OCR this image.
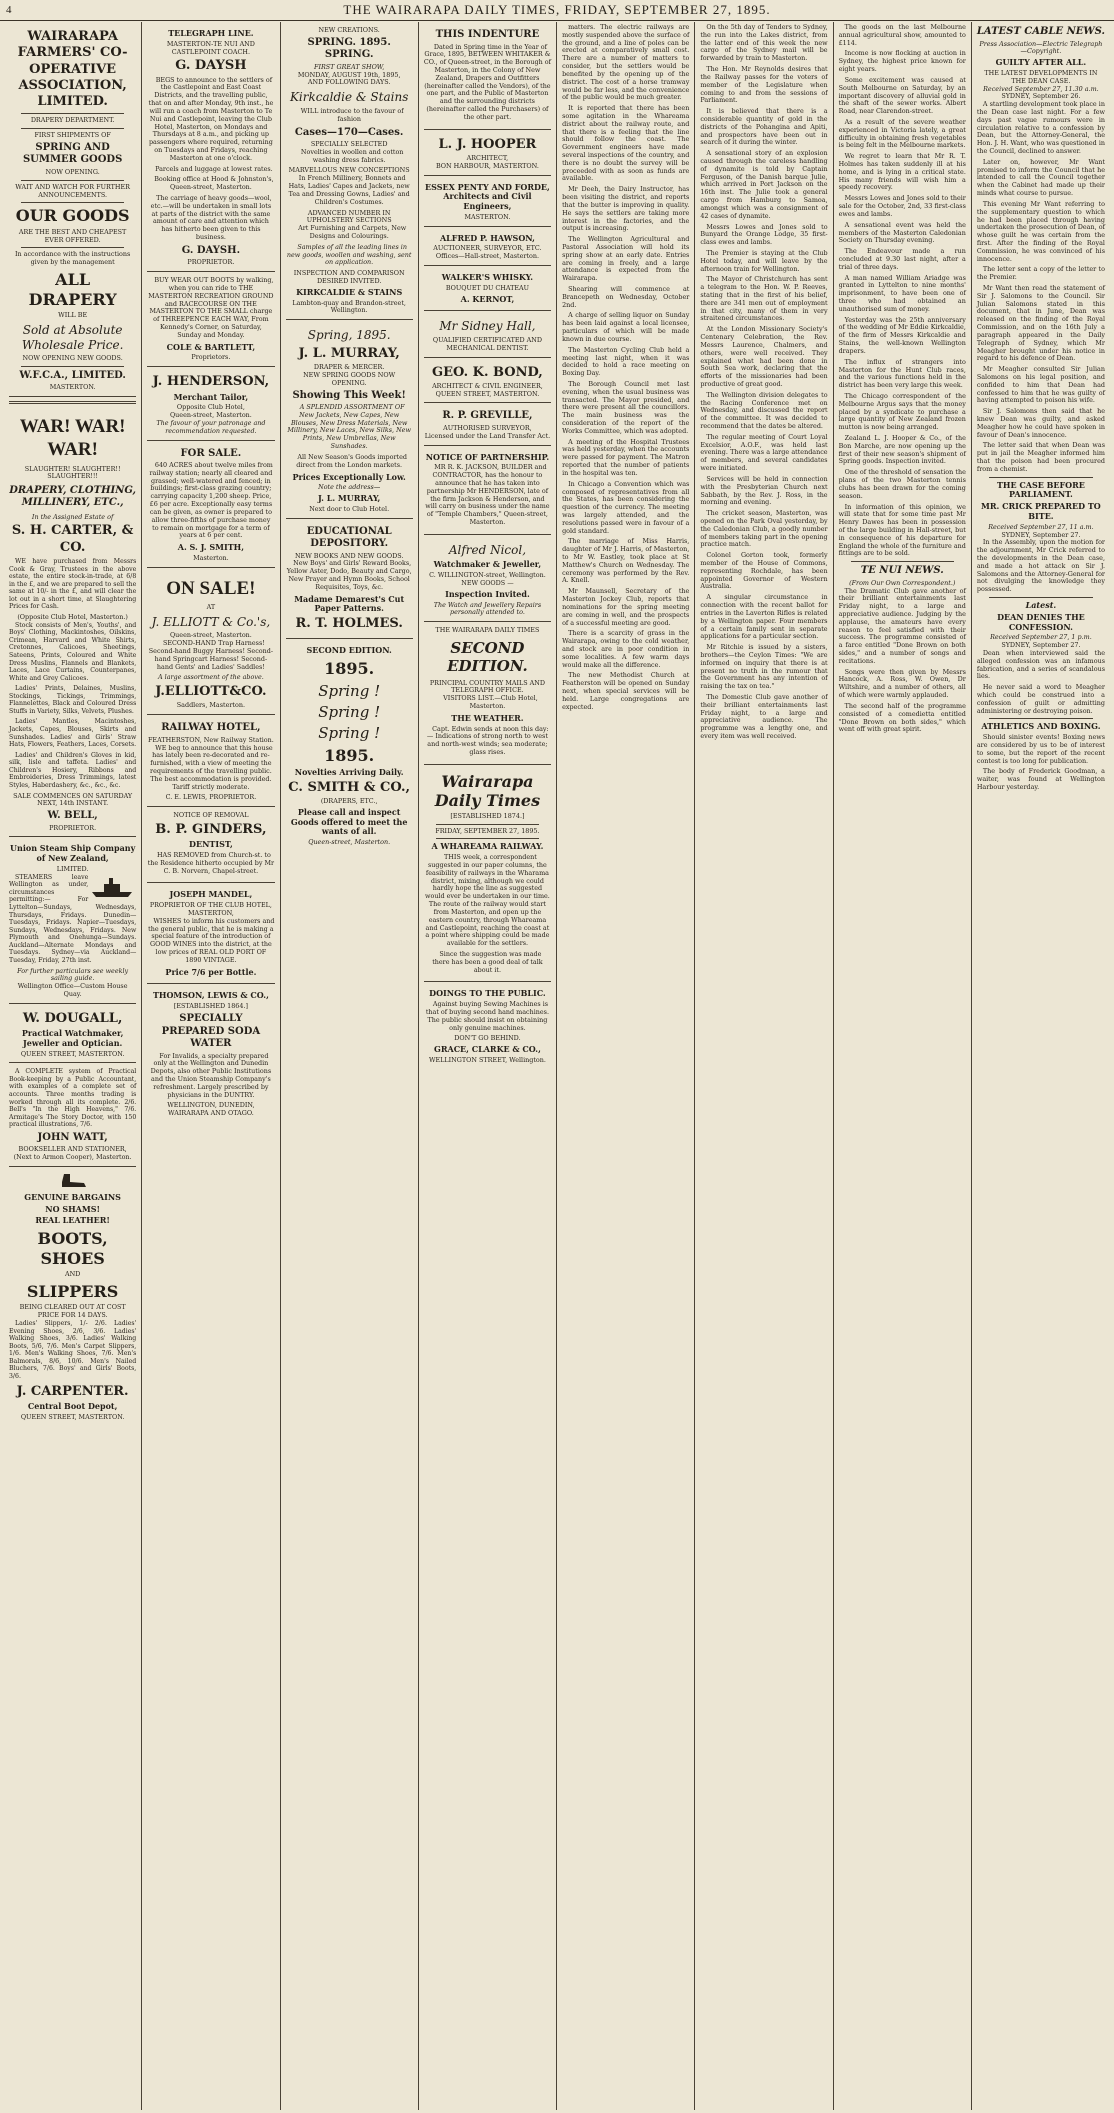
4	THE WAIRARAPA DAILY TIMES, FRIDAY, SEPTEMBER 27, 1895.
WAIRARAPA FARMERS' CO-OPERATIVE ASSOCIATION, LIMITED.
DRAPERY DEPARTMENT.
FIRST SHIPMENTS OF
SPRING AND SUMMER GOODS
NOW OPENING.
WAIT AND WATCH FOR FURTHER ANNOUNCEMENTS.
OUR GOODS
ARE THE BEST AND CHEAPEST EVER OFFERED.
In accordance with the instructions given by the management
ALL DRAPERY
WILL BE
Sold at Absolute Wholesale Price.
NOW OPENING NEW GOODS.
W.F.C.A., LIMITED.
MASTERTON.
WAR! WAR! WAR!
SLAUGHTER! SLAUGHTER!! SLAUGHTER!!!
DRAPERY, CLOTHING, MILLINERY, ETC.,
In the Assigned Estate of
S. H. CARTER, & CO.

WE have purchased from Messrs Cook & Gray, Trustees in the above estate, the entire stock-in-trade, at 6/8 in the £, and we are prepared to sell the same at 10/- in the £, and will clear the lot out in a short time, at Slaughtering Prices for Cash.

(Opposite Club Hotel, Masterton.)

Stock consists of Men's, Youths', and Boys' Clothing, Mackintoshes, Oilskins, Crimean, Harvard and White Shirts, Cretonnes, Calicoes, Sheetings, Sateens, Prints, Coloured and White Dress Muslins, Flannels and Blankets, Laces, Lace Curtains, Counterpanes, White and Grey Calicoes.

Ladies' Prints, Delaines, Muslins, Stockings, Tickings, Trimmings, Flannelettes, Black and Coloured Dress Stuffs in Variety, Silks, Velvets, Plushes.

Ladies' Mantles, Macintoshes, Jackets, Capes, Blouses, Skirts and Sunshades. Ladies' and Girls' Straw Hats, Flowers, Feathers, Laces, Corsets.

Ladies' and Children's Gloves in kid, silk, lisle and taffeta. Ladies' and Children's Hosiery, Ribbons and Embroideries, Dress Trimmings, latest Styles, Haberdashery, &c., &c., &c.

SALE COMMENCES ON SATURDAY NEXT, 14th INSTANT.
W. BELL,
PROPRIETOR.
Union Steam Ship Company of New Zealand,
LIMITED.

STEAMERS leave Wellington as under, circumstances permitting:— For Lyttelton—Sundays, Wednesdays, Thursdays, Fridays. Dunedin—Tuesdays, Fridays. Napier—Tuesdays, Sundays, Wednesdays, Fridays. New Plymouth and Onehunga—Sundays. Auckland—Alternate Mondays and Tuesdays. Sydney—via Auckland—Tuesday, Friday, 27th inst.

For further particulars see weekly sailing guide.
Wellington Office—Custom House Quay.
W. DOUGALL,
Practical Watchmaker, Jeweller and Optician.
QUEEN STREET, MASTERTON.

A COMPLETE system of Practical Book-keeping by a Public Accountant, with examples of a complete set of accounts. Three months trading is worked through all its complete. 2/6. Bell's "In the High Heavens," 7/6. Armitage's The Story Doctor, with 150 practical illustrations, 7/6.

JOHN WATT,
BOOKSELLER AND STATIONER,
(Next to Armon Cooper), Masterton.
GENUINE BARGAINS
NO SHAMS!
REAL LEATHER!
BOOTS, SHOES
AND
SLIPPERS
BEING CLEARED OUT AT COST PRICE FOR 14 DAYS.

Ladies' Slippers, 1/- 2/6. Ladies' Evening Shoes, 2/6, 3/6. Ladies' Walking Shoes, 3/6. Ladies' Walking Boots, 5/6, 7/6. Men's Carpet Slippers, 1/6. Men's Walking Shoes, 7/6. Men's Balmorals, 8/6, 10/6. Men's Nailed Bluchers, 7/6. Boys' and Girls' Boots, 3/6.

J. CARPENTER.
Central Boot Depot,
QUEEN STREET, MASTERTON.
TELEGRAPH LINE.
MASTERTON-TE NUI AND CASTLEPOINT COACH.
G. DAYSH

BEGS to announce to the settlers of the Castlepoint and East Coast Districts, and the travelling public, that on and after Monday, 9th inst., he will run a coach from Masterton to Te Nui and Castlepoint, leaving the Club Hotel, Masterton, on Mondays and Thursdays at 8 a.m., and picking up passengers where required, returning on Tuesdays and Fridays, reaching Masterton at one o'clock.

Parcels and luggage at lowest rates.

Booking office at Hood & Johnston's, Queen-street, Masterton.

The carriage of heavy goods—wool, etc.—will be undertaken in small lots at parts of the district with the same amount of care and attention which has hitherto been given to this business.

G. DAYSH.
PROPRIETOR.

BUY WEAR OUT BOOTS by walking, when you can ride to THE MASTERTON RECREATION GROUND and RACECOURSE ON THE MASTERTON TO THE SMALL charge of THREEPENCE EACH WAY, From Kennedy's Corner, on Saturday, Sunday and Monday.

COLE & BARTLETT,
Proprietors.
J. HENDERSON,
Merchant Tailor,
Opposite Club Hotel,
Queen-street, Masterton.
The favour of your patronage and recommendation requested.
FOR SALE.

640 ACRES about twelve miles from railway station; nearly all cleared and grassed; well-watered and fenced; in buildings; first-class grazing country; carrying capacity 1,200 sheep. Price, £6 per acre. Exceptionally easy terms can be given, as owner is prepared to allow three-fifths of purchase money to remain on mortgage for a term of years at 6 per cent.

A. S. J. SMITH,
Masterton.
ON SALE!
AT
J. ELLIOTT & Co.'s,
Queen-street, Masterton.

SECOND-HAND Trap Harness! Second-hand Buggy Harness! Second-hand Springcart Harness! Second-hand Gents' and Ladies' Saddles!

A large assortment of the above.
J.ELLIOTT&CO.
Saddlers, Masterton.
RAILWAY HOTEL,
FEATHERSTON, New Railway Station.

WE beg to announce that this house has lately been re-decorated and re-furnished, with a view of meeting the requirements of the travelling public. The best accommodation is provided. Tariff strictly moderate.

C. E. LEWIS, PROPRIETOR.
NOTICE OF REMOVAL
B. P. GINDERS,
DENTIST,

HAS REMOVED from Church-st. to the Residence hitherto occupied by Mr C. B. Norvern, Chapel-street.

JOSEPH MANDEL,
PROPRIETOR OF THE CLUB HOTEL, MASTERTON,

WISHES to inform his customers and the general public, that he is making a special feature of the introduction of GOOD WINES into the district, at the low prices of REAL OLD PORT OF 1890 VINTAGE.

Price 7/6 per Bottle.
THOMSON, LEWIS & CO.,
[ESTABLISHED 1864.]
SPECIALLY PREPARED SODA WATER

For Invalids, a specialty prepared only at the Wellington and Dunedin Depots, also other Public Institutions and the Union Steamship Company's refreshment. Largely prescribed by physicians in the DUNTRY.

WELLINGTON, DUNEDIN, WAIRARAPA AND OTAGO.
NEW CREATIONS.
SPRING. 1895. SPRING.
FIRST GREAT SHOW,
MONDAY, AUGUST 19th, 1895,
AND FOLLOWING DAYS.
Kirkcaldie & Stains

WILL introduce to the favour of fashion

Cases—170—Cases.
SPECIALLY SELECTED

Novelties in woollen and cotton washing dress fabrics.

MARVELLOUS NEW CONCEPTIONS

In French Millinery, Bonnets and Hats, Ladies' Capes and Jackets, new Tea and Dressing Gowns, Ladies' and Children's Costumes.

ADVANCED NUMBER IN UPHOLSTERY SECTIONS

Art Furnishing and Carpets, New Designs and Colourings.

Samples of all the leading lines in new goods, woollen and washing, sent on application.

INSPECTION AND COMPARISON DESIRED INVITED.
KIRKCALDIE & STAINS
Lambton-quay and Brandon-street, Wellington.
Spring, 1895.
J. L. MURRAY,
DRAPER & MERCER.
NEW SPRING GOODS NOW OPENING.
Showing This Week!

A SPLENDID ASSORTMENT OF New Jackets, New Capes, New Blouses, New Dress Materials, New Millinery, New Laces, New Silks, New Prints, New Umbrellas, New Sunshades.

All New Season's Goods imported direct from the London markets.

Prices Exceptionally Low.
Note the address—
J. L. MURRAY,
Next door to Club Hotel.
EDUCATIONAL DEPOSITORY.
NEW BOOKS AND NEW GOODS.

New Boys' and Girls' Reward Books, Yellow Aster, Dodo, Beauty and Cargo, New Prayer and Hymn Books, School Requisites, Toys, &c.

Madame Demarest's Cut Paper Patterns.
R. T. HOLMES.
SECOND EDITION.
1895.
Spring !
Spring !
Spring !
1895.
Novelties Arriving Daily.
C. SMITH & CO.,
(DRAPERS, ETC.,
Please call and inspect Goods offered to meet the wants of all.
Queen-street, Masterton.
THIS INDENTURE

Dated in Spring time in the Year of Grace, 1895, BETWEEN WHITAKER & CO., of Queen-street, in the Borough of Masterton, in the Colony of New Zealand, Drapers and Outfitters (hereinafter called the Vendors), of the one part, and the Public of Masterton and the surrounding districts (hereinafter called the Purchasers) of the other part.

L. J. HOOPER
ARCHITECT,
BON HARBOUR, MASTERTON.
ESSEX PENTY AND FORDE, Architects and Civil Engineers,
MASTERTON.
ALFRED P. HAWSON,
AUCTIONEER, SURVEYOR, ETC.
Offices—Hall-street, Masterton.
WALKER'S WHISKY.
BOUQUET DU CHATEAU
A. KERNOT,
Mr Sidney Hall,
QUALIFIED CERTIFICATED AND MECHANICAL DENTIST.
GEO. K. BOND,
ARCHITECT & CIVIL ENGINEER,
QUEEN STREET, MASTERTON.
R. P. GREVILLE,
AUTHORISED SURVEYOR,
Licensed under the Land Transfer Act.
NOTICE OF PARTNERSHIP.

MR R. K. JACKSON, BUILDER and CONTRACTOR, has the honour to announce that he has taken into partnership Mr HENDERSON, late of the firm Jackson & Henderson, and will carry on business under the name of "Temple Chambers," Queen-street, Masterton.

Alfred Nicol,
Watchmaker & Jeweller,
C. WILLINGTON-street, Wellington.
NEW GOODS —
Inspection Invited.
The Watch and Jewellery Repairs personally attended to.
THE WAIRARAPA DAILY TIMES
SECOND EDITION.
PRINCIPAL COUNTRY MAILS AND TELEGRAPH OFFICE.

VISITORS LIST.—Club Hotel, Masterton.

THE WEATHER.

Capt. Edwin sends at noon this day:— Indications of strong north to west and north-west winds; sea moderate; glass rises.

Wairarapa Daily Times
[ESTABLISHED 1874.]
FRIDAY, SEPTEMBER 27, 1895.
A WHAREAMA RAILWAY.

THIS week, a correspondent suggested in our paper columns, the feasibility of railways in the Wharama district, mixing, although we could hardly hope the line as suggested would ever be undertaken in our time. The route of the railway would start from Masterton, and open up the eastern country, through Whareama and Castlepoint, reaching the coast at a point where shipping could be made available for the settlers.

Since the suggestion was made there has been a good deal of talk about it.

DOINGS TO THE PUBLIC.

Against buying Sewing Machines is that of buying second hand machines. The public should insist on obtaining only genuine machines.

DON'T GO BEHIND.
GRACE, CLARKE & CO.,
WELLINGTON STREET, Wellington.

matters. The electric railways are mostly suspended above the surface of the ground, and a line of poles can be erected at comparatively small cost. There are a number of matters to consider, but the settlers would be benefited by the opening up of the district. The cost of a horse tramway would be far less, and the convenience of the public would be much greater.

It is reported that there has been some agitation in the Whareama district about the railway route, and that there is a feeling that the line should follow the coast. The Government engineers have made several inspections of the country, and there is no doubt the survey will be proceeded with as soon as funds are available.

Mr Deeh, the Dairy Instructor, has been visiting the district, and reports that the butter is improving in quality. He says the settlers are taking more interest in the factories, and the output is increasing.

The Wellington Agricultural and Pastoral Association will hold its spring show at an early date. Entries are coming in freely, and a large attendance is expected from the Wairarapa.

Shearing will commence at Brancepeth on Wednesday, October 2nd.

A charge of selling liquor on Sunday has been laid against a local licensee, particulars of which will be made known in due course.

The Masterton Cycling Club held a meeting last night, when it was decided to hold a race meeting on Boxing Day.

The Borough Council met last evening, when the usual business was transacted. The Mayor presided, and there were present all the councillors. The main business was the consideration of the report of the Works Committee, which was adopted.

A meeting of the Hospital Trustees was held yesterday, when the accounts were passed for payment. The Matron reported that the number of patients in the hospital was ten.

In Chicago a Convention which was composed of representatives from all the States, has been considering the question of the currency. The meeting was largely attended, and the resolutions passed were in favour of a gold standard.

The marriage of Miss Harris, daughter of Mr J. Harris, of Masterton, to Mr W. Eastley, took place at St Matthew's Church on Wednesday. The ceremony was performed by the Rev. A. Knell.

Mr Maunsell, Secretary of the Masterton Jockey Club, reports that nominations for the spring meeting are coming in well, and the prospects of a successful meeting are good.

There is a scarcity of grass in the Wairarapa, owing to the cold weather, and stock are in poor condition in some localities. A few warm days would make all the difference.

The new Methodist Church at Featherston will be opened on Sunday next, when special services will be held. Large congregations are expected.

On the 5th day of Tenders to Sydney, the run into the Lakes district, from the latter end of this week the new cargo of the Sydney mail will be forwarded by train to Masterton.

The Hon. Mr Reynolds desires that the Railway passes for the voters of member of the Legislature when coming to and from the sessions of Parliament.

It is believed that there is a considerable quantity of gold in the districts of the Pohangina and Apiti, and prospectors have been out in search of it during the winter.

A sensational story of an explosion caused through the careless handling of dynamite is told by Captain Ferguson, of the Danish barque Julie, which arrived in Port Jackson on the 16th inst. The Julie took a general cargo from Hamburg to Samoa, amongst which was a consignment of 42 cases of dynamite.

Messrs Lowes and Jones sold to Bunyard the Orange Lodge, 35 first-class ewes and lambs.

The Premier is staying at the Club Hotel today, and will leave by the afternoon train for Wellington.

The Mayor of Christchurch has sent a telegram to the Hon. W. P. Reeves, stating that in the first of his belief, there are 341 men out of employment in that city, many of them in very straitened circumstances.

At the London Missionary Society's Centenary Celebration, the Rev. Messrs Laurence, Chalmers, and others, were well received. They explained what had been done in South Sea work, declaring that the efforts of the missionaries had been productive of great good.

The Wellington division delegates to the Racing Conference met on Wednesday, and discussed the report of the committee. It was decided to recommend that the dates be altered.

The regular meeting of Court Loyal Excelsior, A.O.F., was held last evening. There was a large attendance of members, and several candidates were initiated.

Services will be held in connection with the Presbyterian Church next Sabbath, by the Rev. J. Ross, in the morning and evening.

The cricket season, Masterton, was opened on the Park Oval yesterday, by the Caledonian Club, a goodly number of members taking part in the opening practice match.

Colonel Gorton took, formerly member of the House of Commons, representing Rochdale, has been appointed Governor of Western Australia.

A singular circumstance in connection with the recent ballot for entries in the Laverton Rifles is related by a Wellington paper. Four members of a certain family sent in separate applications for a particular section.

Mr Ritchie is issued by a sisters, brothers—the Ceylon Times: "We are informed on inquiry that there is at present no truth in the rumour that the Government has any intention of raising the tax on tea."

The Domestic Club gave another of their brilliant entertainments last Friday night, to a large and appreciative audience. The programme was a lengthy one, and every item was well received.

The goods on the last Melbourne annual agricultural show, amounted to £114.

Income is now flocking at auction in Sydney, the highest price known for eight years.

Some excitement was caused at South Melbourne on Saturday, by an important discovery of alluvial gold in the shaft of the sewer works. Albert Road, near Clarendon-street.

As a result of the severe weather experienced in Victoria lately, a great difficulty in obtaining fresh vegetables is being felt in the Melbourne markets.

We regret to learn that Mr R. T. Holmes has taken suddenly ill at his home, and is lying in a critical state. His many friends will wish him a speedy recovery.

Messrs Lowes and Jones sold to their sale for the October, 2nd, 33 first-class ewes and lambs.

A sensational event was held the members of the Masterton Caledonian Society on Thursday evening.

The Endeavour made a run concluded at 9.30 last night, after a trial of three days.

A man named William Ariadge was granted in Lyttelton to nine months' imprisonment, to have been one of three who had obtained an unauthorised sum of money.

Yesterday was the 25th anniversary of the wedding of Mr Eddie Kirkcaldie, of the firm of Messrs Kirkcaldie and Stains, the well-known Wellington drapers.

The influx of strangers into Masterton for the Hunt Club races, and the various functions held in the district has been very large this week.

The Chicago correspondent of the Melbourne Argus says that the money placed by a syndicate to purchase a large quantity of New Zealand frozen mutton is now being arranged.

Zealand L. J. Hooper & Co., of the Bon Marche, are now opening up the first of their new season's shipment of Spring goods. Inspection invited.

One of the threshold of sensation the plans of the two Masterton tennis clubs has been drawn for the coming season.

In information of this opinion, we will state that for some time past Mr Henry Dawes has been in possession of the large building in Hall-street, but in consequence of his departure for England the whole of the furniture and fittings are to be sold.

TE NUI NEWS.
(From Our Own Correspondent.)

The Dramatic Club gave another of their brilliant entertainments last Friday night, to a large and appreciative audience. Judging by the applause, the amateurs have every reason to feel satisfied with their success. The programme consisted of a farce entitled "Done Brown on both sides," and a number of songs and recitations.

Songs were then given by Messrs Hancock, A. Ross, W. Owen, Dr Wiltshire, and a number of others, all of which were warmly applauded.

The second half of the programme consisted of a comedietta entitled "Done Brown on both sides," which went off with great spirit.

LATEST CABLE NEWS.
Press Association—Electric Telegraph—Copyright.
GUILTY AFTER ALL.
THE LATEST DEVELOPMENTS IN THE DEAN CASE.
Received September 27, 11.30 a.m.
SYDNEY, September 26.

A startling development took place in the Dean case last night. For a few days past vague rumours were in circulation relative to a confession by Dean, but the Attorney-General, the Hon. J. H. Want, who was questioned in the Council, declined to answer.

Later on, however, Mr Want promised to inform the Council that he intended to call the Council together when the Cabinet had made up their minds what course to pursue.

This evening Mr Want referring to the supplementary question to which he had been placed through having undertaken the prosecution of Dean, of whose guilt he was certain from the first. After the finding of the Royal Commission, he was convinced of his innocence.

The letter sent a copy of the letter to the Premier.

Mr Want then read the statement of Sir J. Salomons to the Council. Sir Julian Salomons stated in this document, that in June, Dean was released on the finding of the Royal Commission, and on the 16th July a paragraph appeared in the Daily Telegraph of Sydney, which Mr Meagher brought under his notice in regard to his defence of Dean.

Mr Meagher consulted Sir Julian Salomons on his legal position, and confided to him that Dean had confessed to him that he was guilty of having attempted to poison his wife.

Sir J. Salomons then said that he knew Dean was guilty, and asked Meagher how he could have spoken in favour of Dean's innocence.

The letter said that when Dean was put in jail the Meagher informed him that the poison had been procured from a chemist.

THE CASE BEFORE PARLIAMENT.
MR. CRICK PREPARED TO BITE.
Received September 27, 11 a.m.
SYDNEY, September 27.

In the Assembly, upon the motion for the adjournment, Mr Crick referred to the developments in the Dean case, and made a hot attack on Sir J. Salomons and the Attorney-General for not divulging the knowledge they possessed.

Latest.
DEAN DENIES THE CONFESSION.
Received September 27, 1 p.m.
SYDNEY, September 27.

Dean when interviewed said the alleged confession was an infamous fabrication, and a series of scandalous lies.

He never said a word to Meagher which could be construed into a confession of guilt or admitting administering or destroying poison.

ATHLETICS AND BOXING.

Should sinister events! Boxing news are considered by us to be of interest to some, but the report of the recent contest is too long for publication.

The body of Frederick Goodman, a waiter, was found at Wellington Harbour yesterday.
